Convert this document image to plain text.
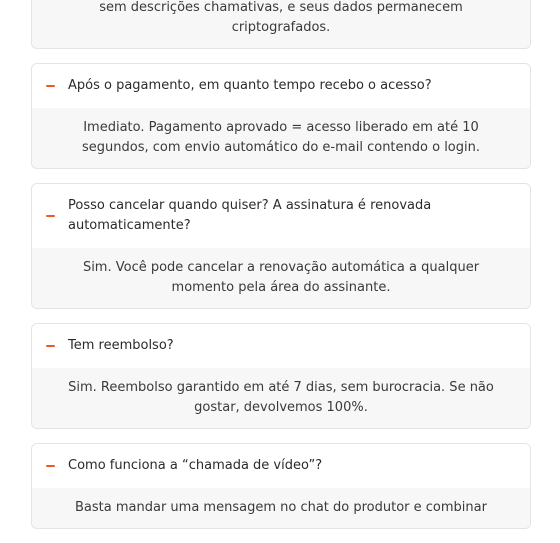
sem descrições chamativas, e seus dados permanecem criptografados.
Após o pagamento, em quanto tempo recebo o acesso?
Imediato. Pagamento aprovado = acesso liberado em até 10 segundos, com envio automático do e-mail contendo o login.
Posso cancelar quando quiser? A assinatura é renovada automaticamente?
Sim. Você pode cancelar a renovação automática a qualquer momento pela área do assinante.
Tem reembolso?
Sim. Reembolso garantido em até 7 dias, sem burocracia. Se não gostar, devolvemos 100%.
Como funciona a “chamada de vídeo”?
Basta mandar uma mensagem no chat do produtor e combinar
